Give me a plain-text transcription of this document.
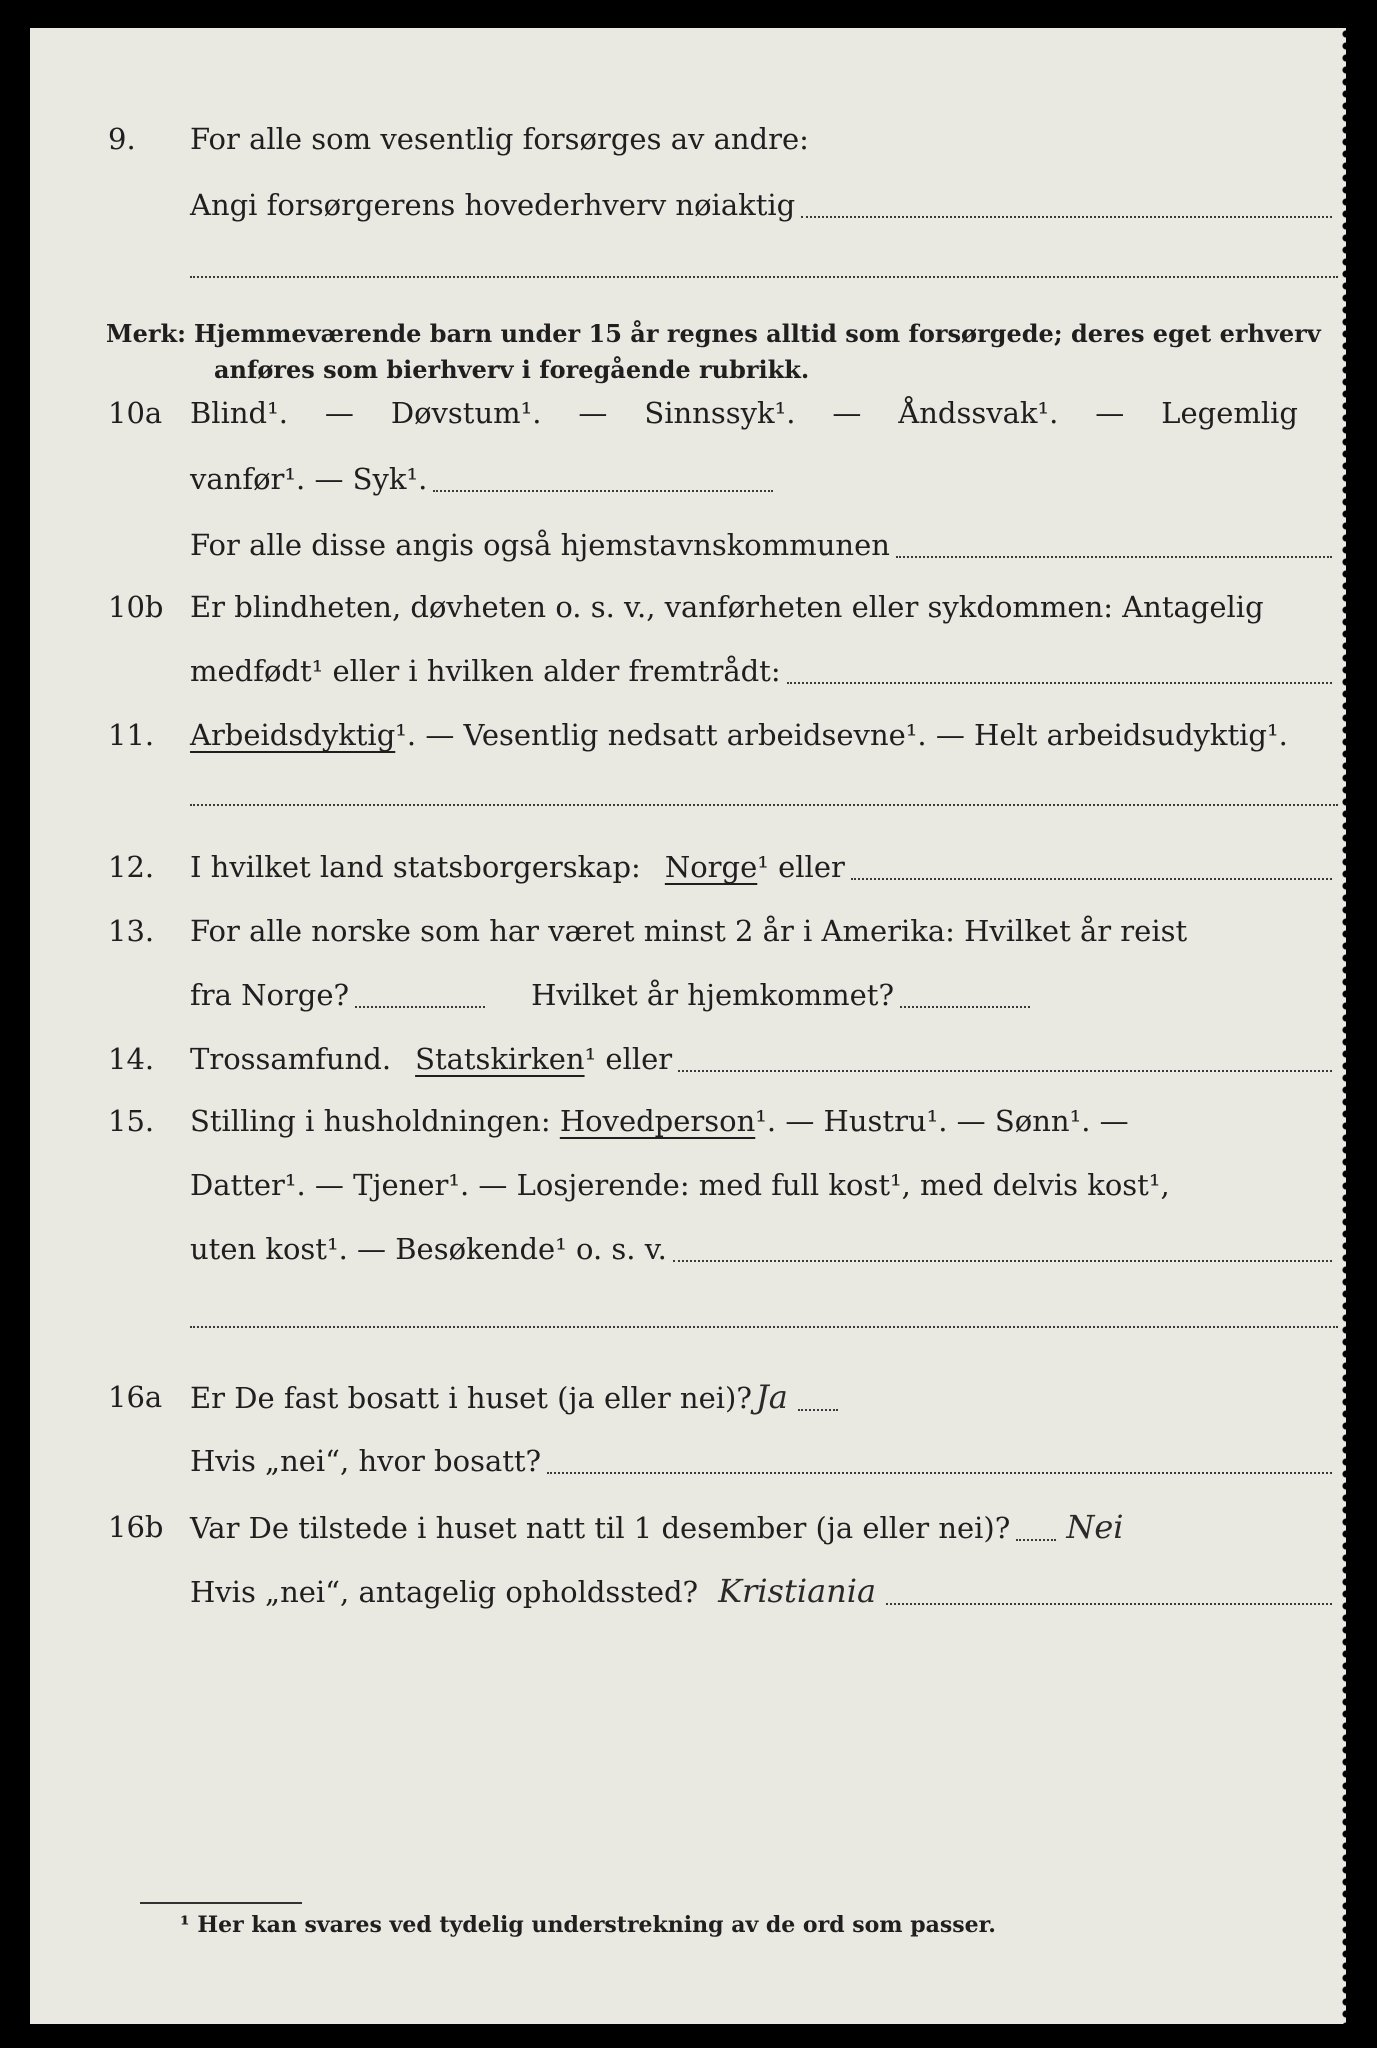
9. For alle som vesentlig forsørges av andre:
Angi forsørgerens hovederhverv nøiaktig
Merk: Hjemmeværende barn under 15 år regnes alltid som forsørgede; deres eget erhverv
anføres som bierhverv i foregående rubrikk.
10a Blind¹. — Døvstum¹. — Sinnssyk¹. — Åndssvak¹. — Legemlig
vanfør¹. — Syk¹.
For alle disse angis også hjemstavnskommunen
10b Er blindheten, døvheten o. s. v., vanførheten eller sykdommen: Antagelig
medfødt¹ eller i hvilken alder fremtrådt:
11. Arbeidsdyktig¹. — Vesentlig nedsatt arbeidsevne¹. — Helt arbeidsudyktig¹.
12. I hvilket land statsborgerskap: Norge ¹ eller
13. For alle norske som har været minst 2 år i Amerika: Hvilket år reist
fra Norge?	Hvilket år hjemkommet?
14. Trossamfund. Statskirken ¹ eller
15. Stilling i husholdningen: Hovedperson¹. — Hustru¹. — Sønn¹. —
Datter¹. — Tjener¹. — Losjerende: med full kost¹, med delvis kost¹,
uten kost¹. — Besøkende¹ o. s. v.
16a Er De fast bosatt i huset (ja eller nei)? Ja
Hvis „nei“, hvor bosatt?
16b Var De tilstede i huset natt til 1 desember (ja eller nei)? Nei
Hvis „nei“, antagelig opholdssted? Kristiania
¹ Her kan svares ved tydelig understrekning av de ord som passer.
